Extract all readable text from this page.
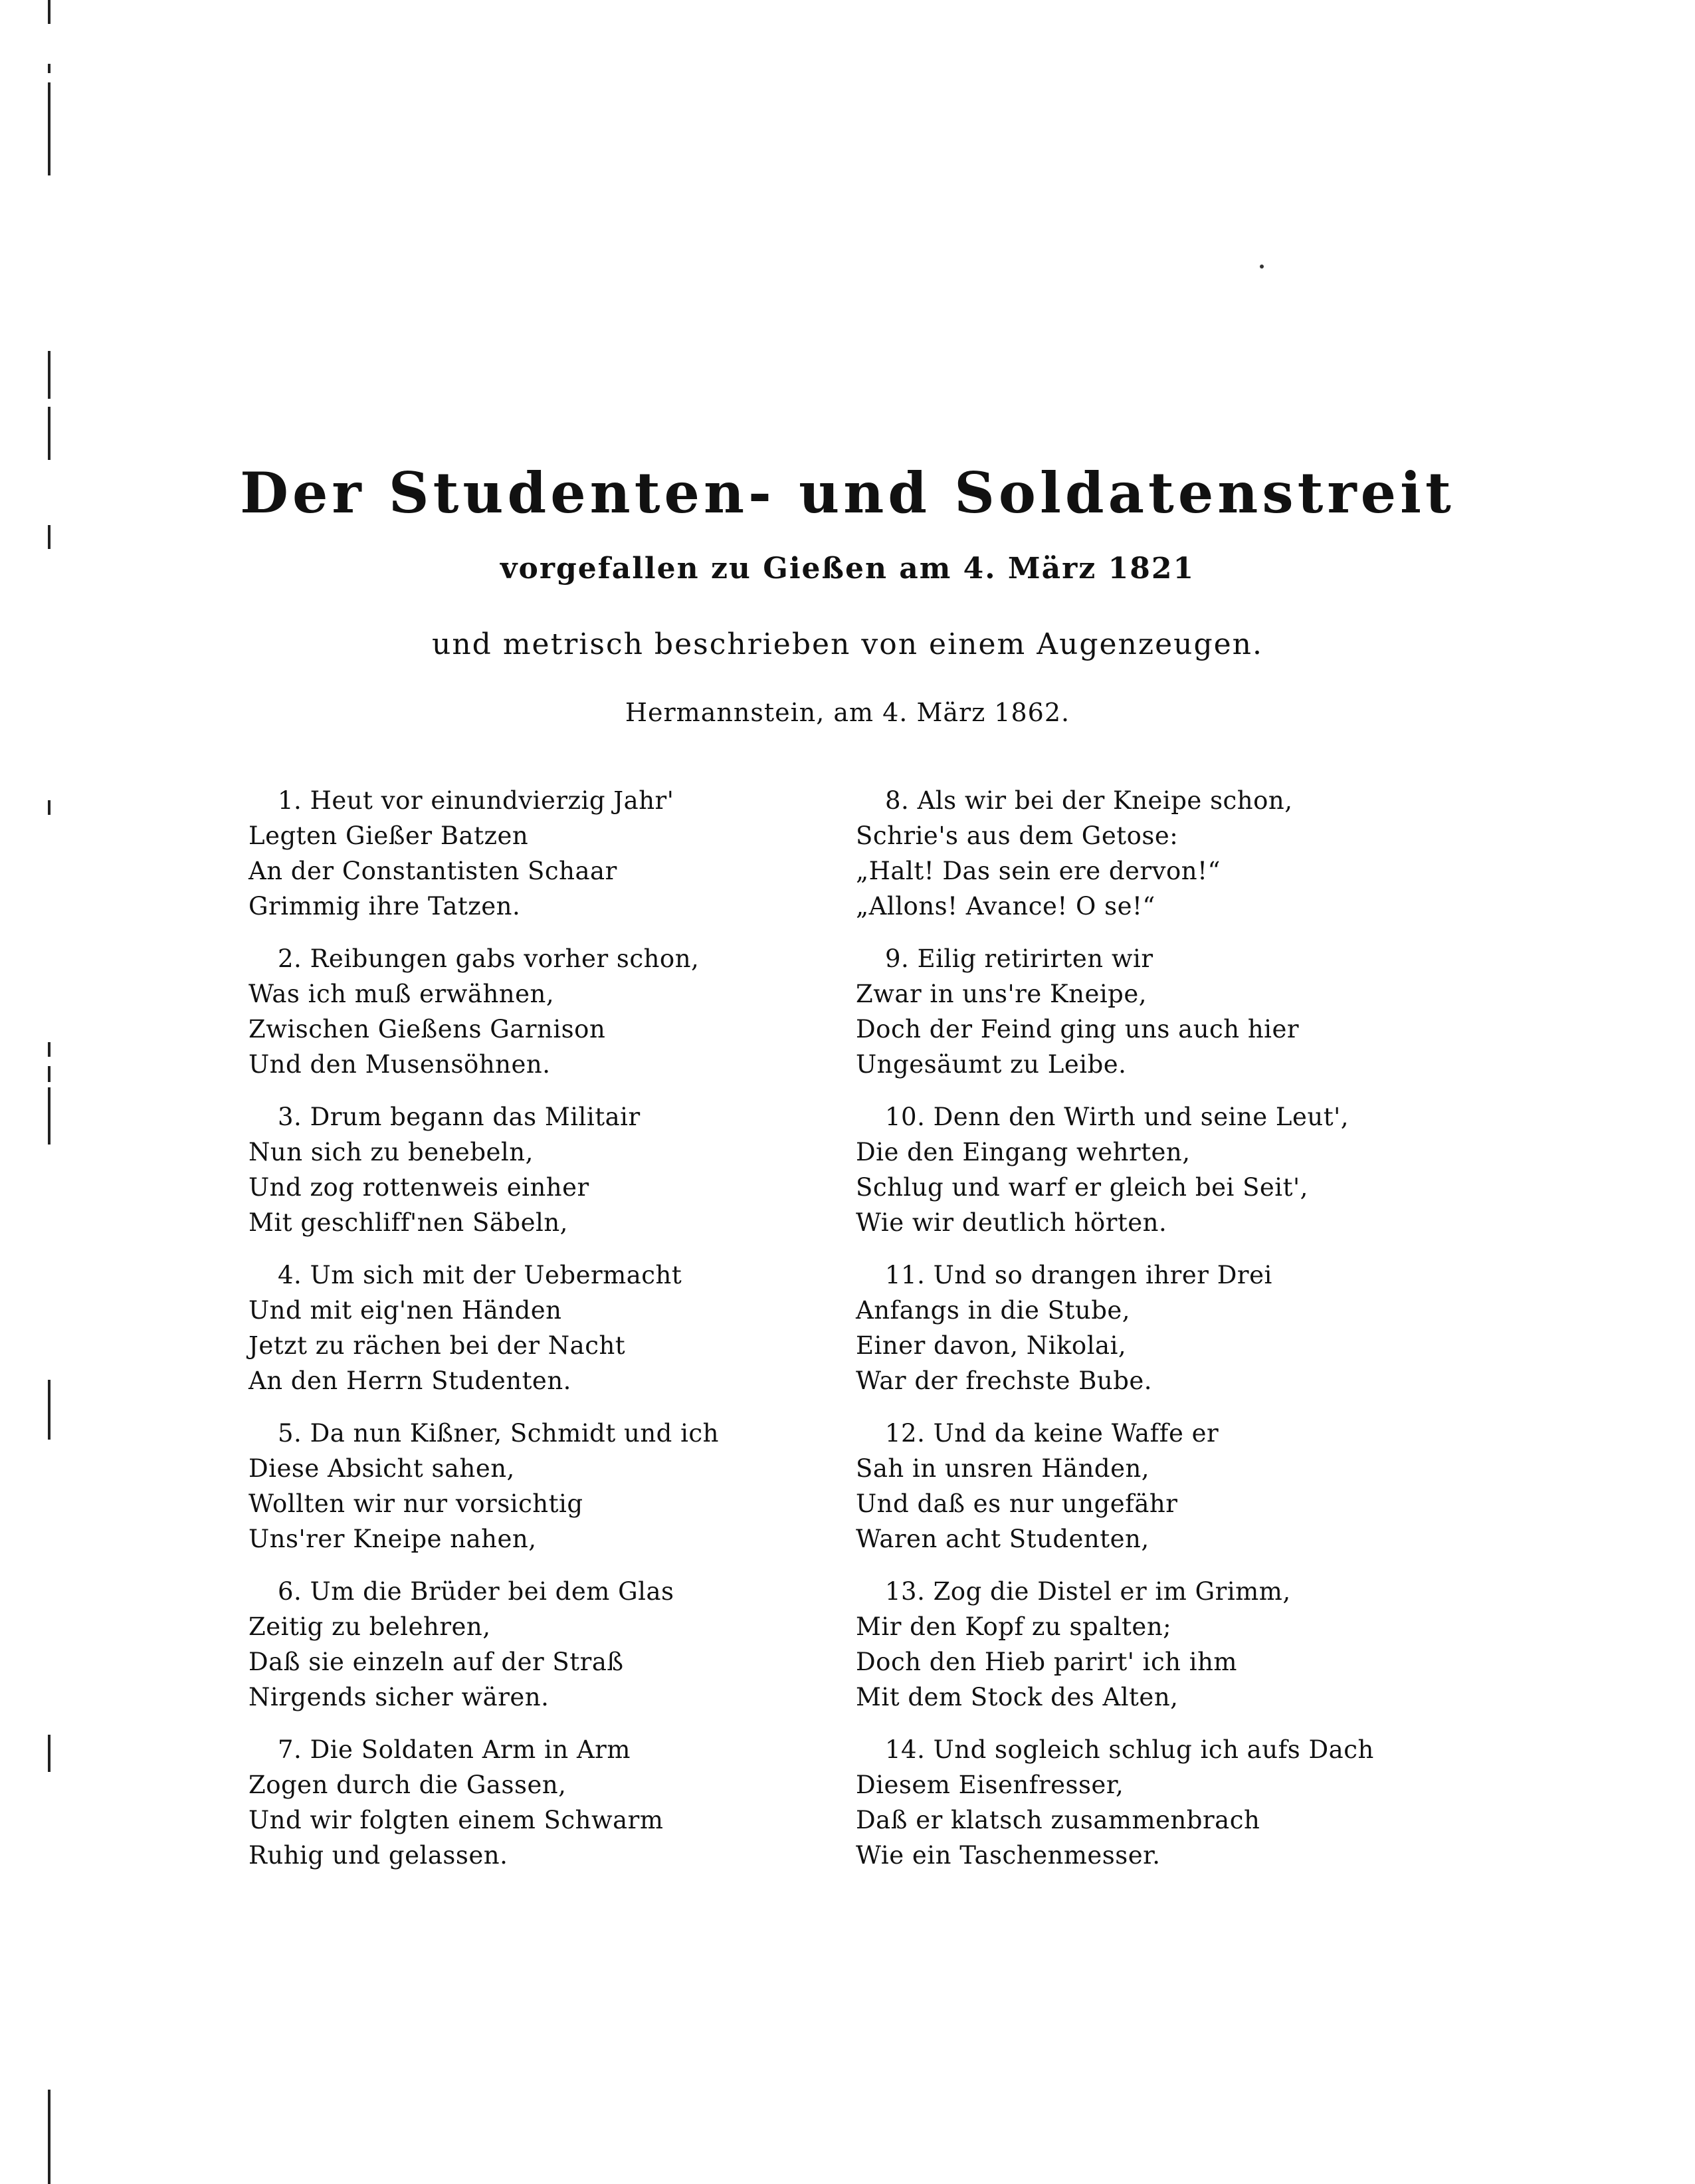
Der Studenten- und Soldatenstreit
vorgefallen zu Gießen am 4. März 1821
und metrisch beschrieben von einem Augenzeugen.
Hermannstein, am 4. März 1862.
1. Heut vor einundvierzig Jahr'
Legten Gießer Batzen
An der Constantisten Schaar
Grimmig ihre Tatzen.
2. Reibungen gabs vorher schon,
Was ich muß erwähnen,
Zwischen Gießens Garnison
Und den Musensöhnen.
3. Drum begann das Militair
Nun sich zu benebeln,
Und zog rottenweis einher
Mit geschliff'nen Säbeln,
4. Um sich mit der Uebermacht
Und mit eig'nen Händen
Jetzt zu rächen bei der Nacht
An den Herrn Studenten.
5. Da nun Kißner, Schmidt und ich
Diese Absicht sahen,
Wollten wir nur vorsichtig
Uns'rer Kneipe nahen,
6. Um die Brüder bei dem Glas
Zeitig zu belehren,
Daß sie einzeln auf der Straß
Nirgends sicher wären.
7. Die Soldaten Arm in Arm
Zogen durch die Gassen,
Und wir folgten einem Schwarm
Ruhig und gelassen.
8. Als wir bei der Kneipe schon,
Schrie's aus dem Getose:
„Halt! Das sein ere dervon!“
„Allons! Avance! O se!“
9. Eilig retirirten wir
Zwar in uns're Kneipe,
Doch der Feind ging uns auch hier
Ungesäumt zu Leibe.
10. Denn den Wirth und seine Leut',
Die den Eingang wehrten,
Schlug und warf er gleich bei Seit',
Wie wir deutlich hörten.
11. Und so drangen ihrer Drei
Anfangs in die Stube,
Einer davon, Nikolai,
War der frechste Bube.
12. Und da keine Waffe er
Sah in unsren Händen,
Und daß es nur ungefähr
Waren acht Studenten,
13. Zog die Distel er im Grimm,
Mir den Kopf zu spalten;
Doch den Hieb parirt' ich ihm
Mit dem Stock des Alten,
14. Und sogleich schlug ich aufs Dach
Diesem Eisenfresser,
Daß er klatsch zusammenbrach
Wie ein Taschenmesser.
